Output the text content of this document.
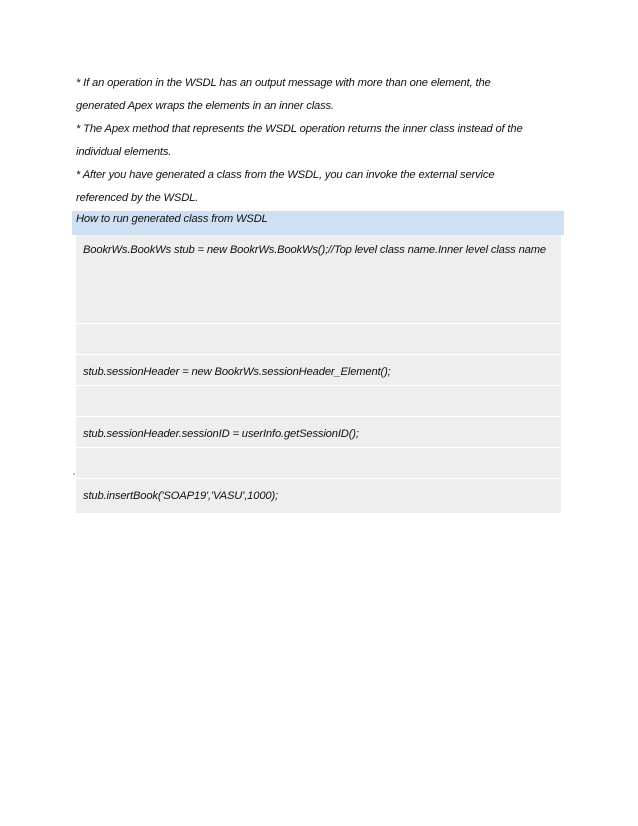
* If an operation in the WSDL has an output message with more than one element, the
generated Apex wraps the elements in an inner class.
* The Apex method that represents the WSDL operation returns the inner class instead of the
individual elements.
* After you have generated a class from the WSDL, you can invoke the external service
referenced by the WSDL.
How to run generated class from WSDL
BookrWs.BookWs stub = new BookrWs.BookWs();//Top level class name.Inner level class name
stub.sessionHeader = new BookrWs.sessionHeader_Element();
stub.sessionHeader.sessionID = userInfo.getSessionID();
stub.insertBook('SOAP19','VASU',1000);
